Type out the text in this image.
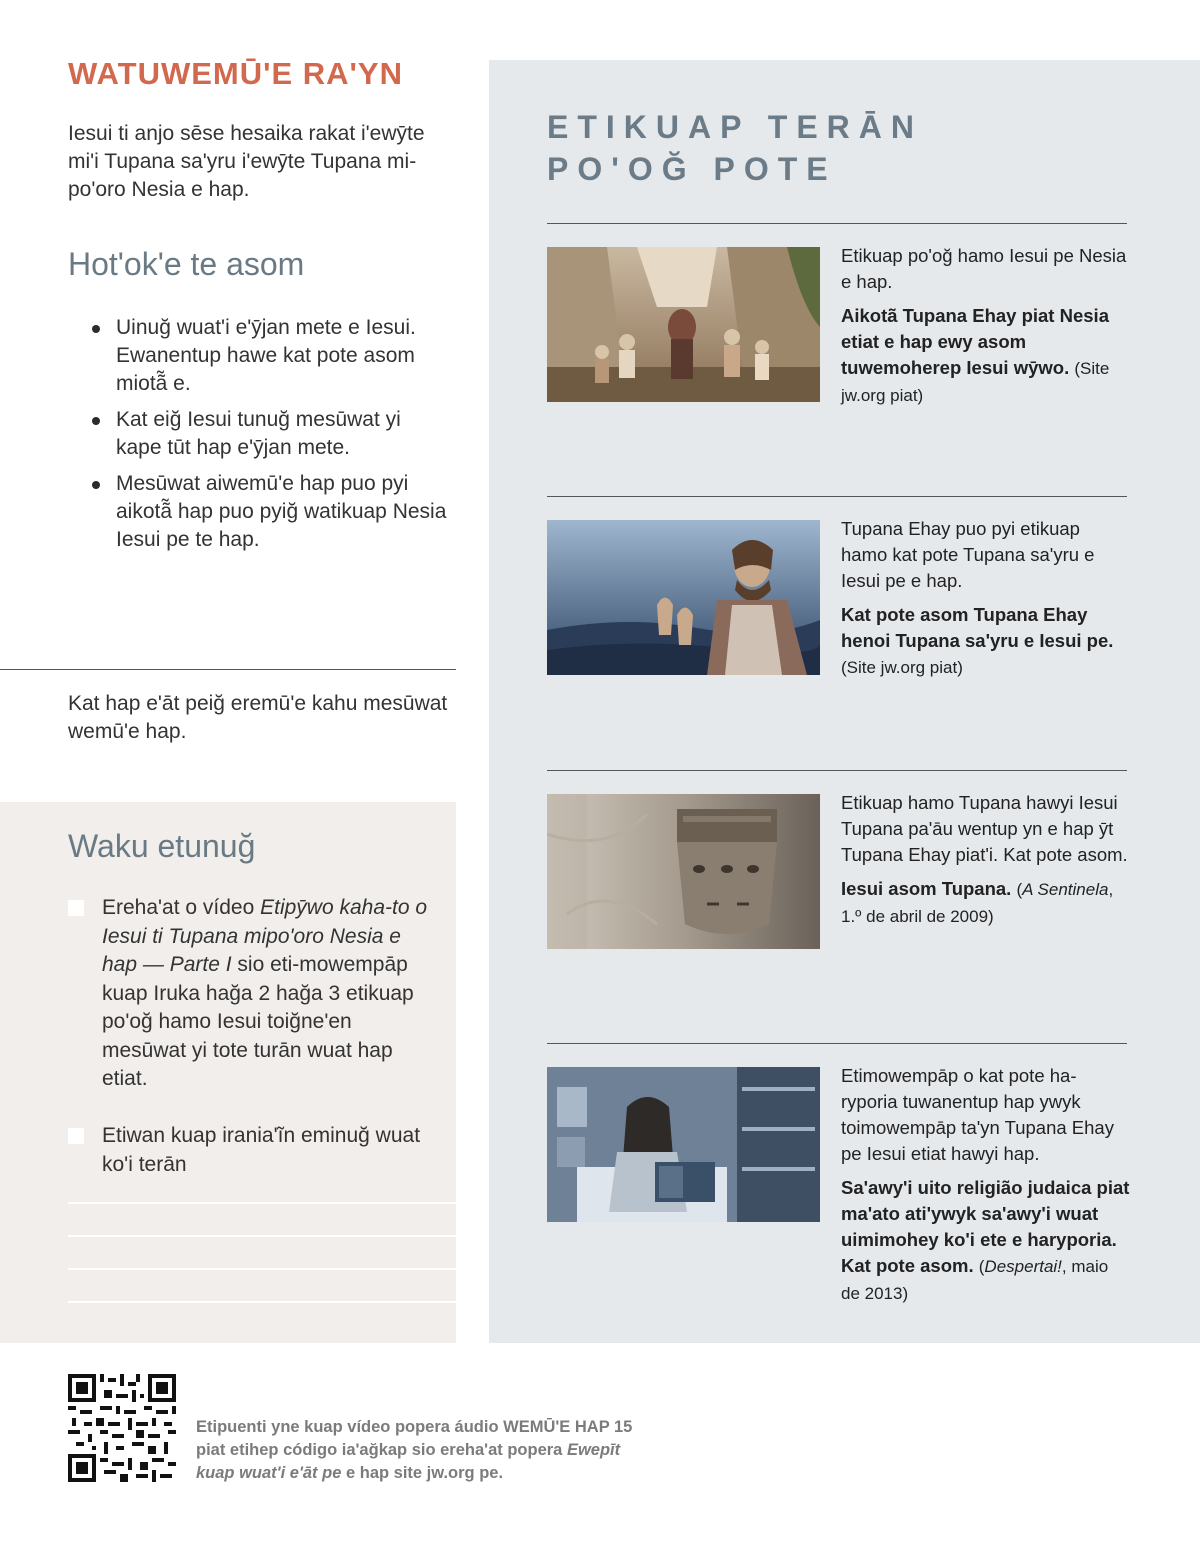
WATUWEMŪ'E RA'YN

Iesui ti anjo sēse hesaika rakat i'ewȳte mi'i Tupana sa'yru i'ewȳte Tupana mi-po'oro Nesia e hap.

Hot'ok'e te asom
Uinuğ wuat'i e'ȳjan mete e Iesui. Ewanentup hawe kat pote asom miotã̃ e.
Kat eiğ Iesui tunuğ mesūwat yi kape tūt hap e'ȳjan mete.
Mesūwat aiwemū'e hap puo pyi aikotã̃ hap puo pyiğ watikuap Nesia Iesui pe te hap.

Kat hap e'āt peiğ eremū'e kahu mesūwat wemū'e hap.

Waku etunuğ
Ereha'at o vídeo Etipȳwo kaha-to o Iesui ti Tupana mipo'oro Nesia e hap — Parte I sio eti-mowempāp kuap Iruka hağa 2 hağa 3 etikuap po'oğ hamo Iesui toiğne'en mesūwat yi tote turān wuat hap etiat.
Etiwan kuap irania'ĩn eminuğ wuat ko'i terān
ETIKUAP TERĀN
PO'OĞ POTE
Etikuap po'oğ hamo Iesui pe Nesia e hap.
Aikotã̃ Tupana Ehay piat Nesia etiat e hap ewy asom tuwemoherep Iesui wȳwo. (Site jw.org piat)
Tupana Ehay puo pyi etikuap hamo kat pote Tupana sa'yru e Iesui pe e hap.
Kat pote asom Tupana Ehay henoi Tupana sa'yru e Iesui pe. (Site jw.org piat)
Etikuap hamo Tupana hawyi Iesui Tupana pa'āu wentup yn e hap ȳt Tupana Ehay piat'i. Kat pote asom.
Iesui asom Tupana. (A Sentinela, 1.º de abril de 2009)
Etimowempāp o kat pote ha-ryporia tuwanentup hap ywyk toimowempāp ta'yn Tupana Ehay pe Iesui etiat hawyi hap.
Sa'awy'i uito religião judaica piat ma'ato ati'ywyk sa'awy'i wuat uimimohey ko'i ete e haryporia. Kat pote asom. (Despertai!, maio de 2013)
Etipuenti yne kuap vídeo popera áudio WEMŪ'E HAP 15
piat etihep código ia'ağkap sio ereha'at popera Ewepīt
kuap wuat'i e'āt pe e hap site jw.org pe.
